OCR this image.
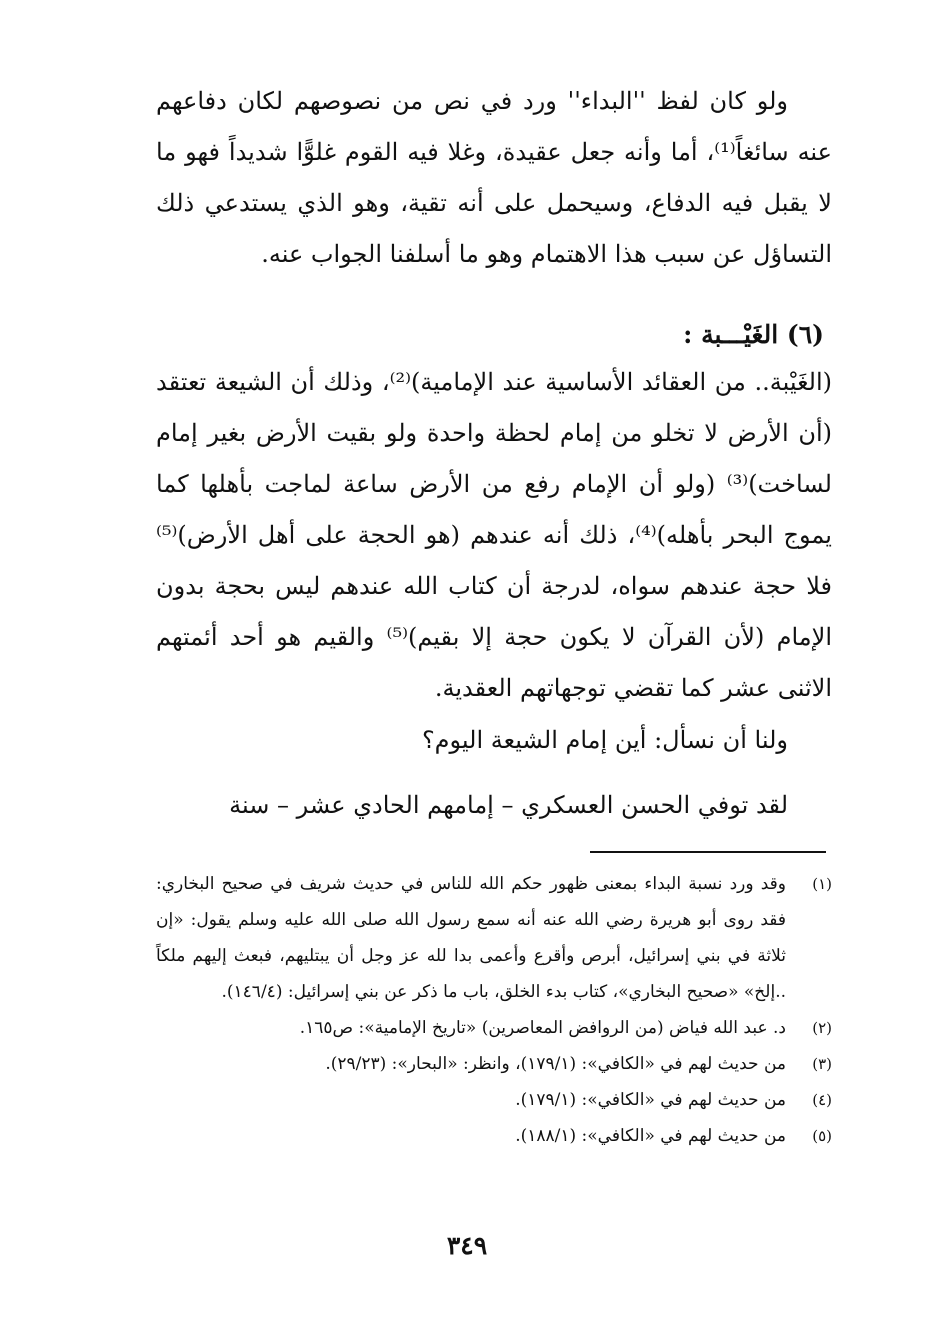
ولو كان لفظ ''البداء'' ورد في نص من نصوصهم لكان دفاعهم عنه سائغاً⁽¹⁾، أما وأنه جعل عقيدة، وغلا فيه القوم غلوًّا شديداً فهو ما لا يقبل فيه الدفاع، وسيحمل على أنه تقية، وهو الذي يستدعي ذلك التساؤل عن سبب هذا الاهتمام وهو ما أسلفنا الجواب عنه.

(٦) الغَيْـــبة :

(الغَيْبة.. من العقائد الأساسية عند الإمامية)⁽²⁾، وذلك أن الشيعة تعتقد (أن الأرض لا تخلو من إمام لحظة واحدة ولو بقيت الأرض بغير إمام لساخت)⁽³⁾ (ولو أن الإمام رفع من الأرض ساعة لماجت بأهلها كما يموج البحر بأهله)⁽⁴⁾، ذلك أنه عندهم (هو الحجة على أهل الأرض)⁽⁵⁾ فلا حجة عندهم سواه، لدرجة أن كتاب الله عندهم ليس بحجة بدون الإمام (لأن القرآن لا يكون حجة إلا بقيم)⁽⁵⁾ والقيم هو أحد أئمتهم الاثنى عشر كما تقضي توجهاتهم العقدية.

ولنا أن نسأل: أين إمام الشيعة اليوم؟

لقد توفي الحسن العسكري – إمامهم الحادي عشر – سنة

(١)
وقد ورد نسبة البداء بمعنى ظهور حكم الله للناس في حديث شريف في صحيح البخاري: فقد روى أبو هريرة رضي الله عنه أنه سمع رسول الله صلى الله عليه وسلم يقول: «إن ثلاثة في بني إسرائيل، أبرص وأقرع وأعمى بدا لله عز وجل أن يبتليهم، فبعث إليهم ملكاً ..إلخ» «صحيح البخاري»، كتاب بدء الخلق، باب ما ذكر عن بني إسرائيل: (١٤٦/٤).
(٢)
د. عبد الله فياض (من الروافض المعاصرين) «تاريخ الإمامية»: ص١٦٥.
(٣)
من حديث لهم في «الكافي»: (١٧٩/١)، وانظر: «البحار»: (٢٩/٢٣).
(٤)
من حديث لهم في «الكافي»: (١٧٩/١).
(٥)
من حديث لهم في «الكافي»: (١٨٨/١).
٣٤٩
